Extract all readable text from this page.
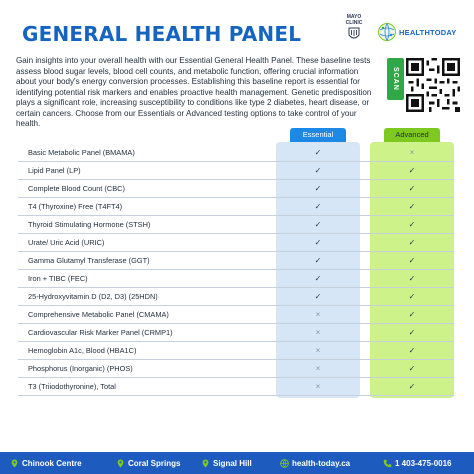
GENERAL HEALTH PANEL
MAYO
CLINIC
HEALTHTODAY
Gain insights into your overall health with our Essential General Health Panel. These baseline tests assess blood sugar levels, blood cell counts, and metabolic function, offering crucial information about your body's energy conversion processes. Establishing this baseline report is essential for identifying potential risk markers and enables proactive health management. Genetic predisposition plays a significant role, increasing susceptibility to conditions like type 2 diabetes, heart disease, or certain cancers. Choose from our Essentials or Advanced testing options to take control of your health.
SCAN
Essential	Advanced
Basic Metabolic Panel (BMAMA)	✓	×
Lipid Panel (LP)	✓	✓
Complete Blood Count (CBC)	✓	✓
T4 (Thyroxine) Free (T4FT4)	✓	✓
Thyroid Stimulating Hormone (STSH)	✓	✓
Urate/ Uric Acid (URIC)	✓	✓
Gamma Glutamyl Transferase (GGT)	✓	✓
Iron + TIBC (FEC)	✓	✓
25-Hydroxyvitamin D (D2, D3) (25HDN)	✓	✓
Comprehensive Metabolic Panel (CMAMA)	×	✓
Cardiovascular Risk Marker Panel (CRMP1)	×	✓
Hemoglobin A1c, Blood (HBA1C)	×	✓
Phosphorus (Inorganic) (PHOS)	×	✓
T3 (Triiodothyronine), Total	×	✓
Chinook Centre	Coral Springs	Signal Hill	health-today.ca	1 403-475-0016
